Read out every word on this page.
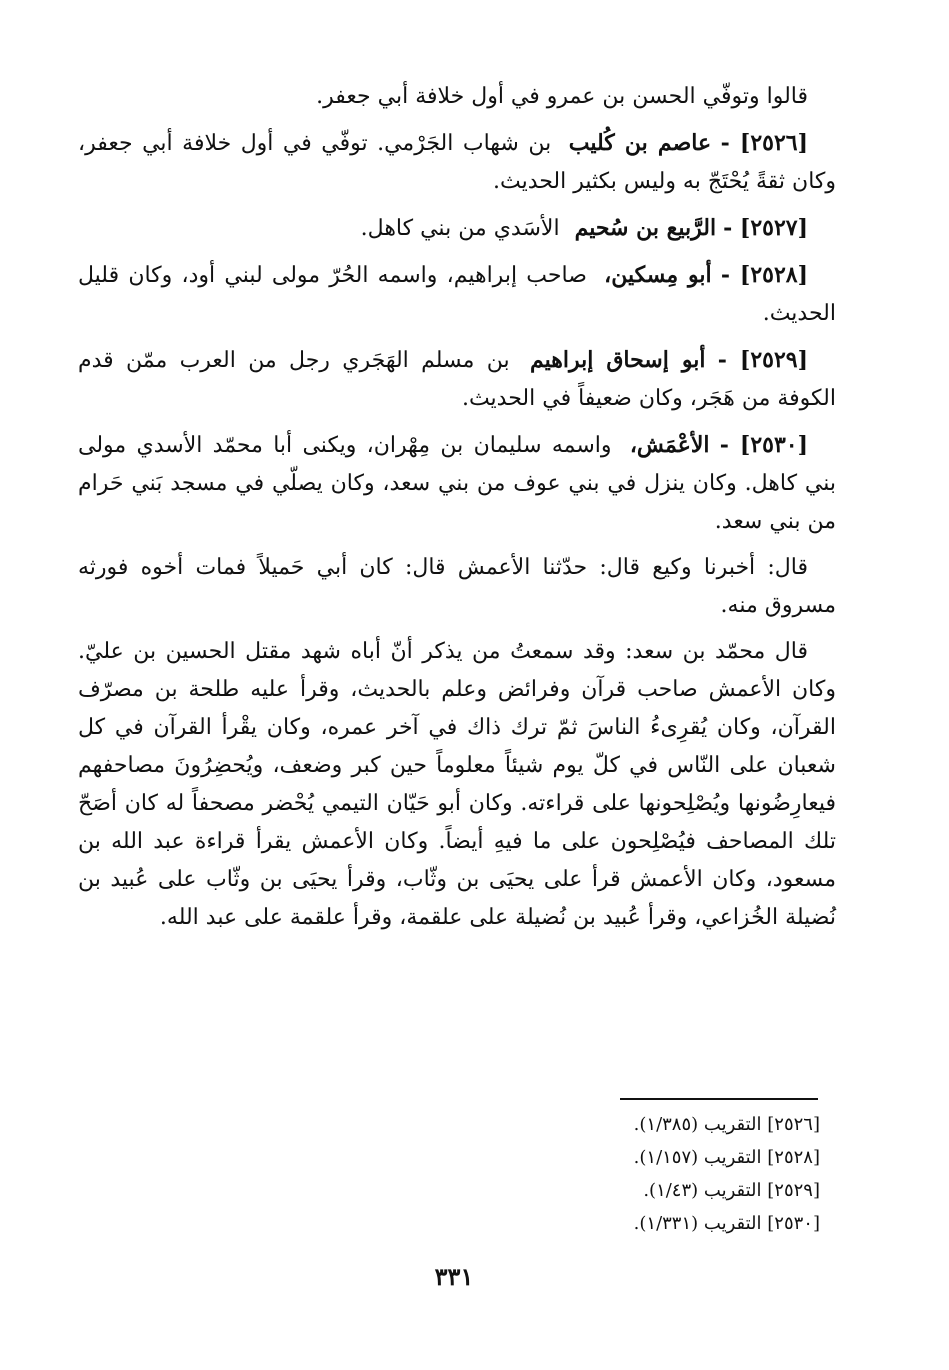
قالوا وتوفّي الحسن بن عمرو في أول خلافة أبي جعفر.

[٢٥٢٦] - عاصم بن كُليب بن شهاب الجَرْمي. توفّي في أول خلافة أبي جعفر، وكان ثقةً يُحْتَجّ به وليس بكثير الحديث.

[٢٥٢٧] - الرَّبيع بن سُحيم الأسَدي من بني كاهل.

[٢٥٢٨] - أبو مِسكين، صاحب إبراهيم، واسمه الحُرّ مولى لبني أود، وكان قليل الحديث.

[٢٥٢٩] - أبو إسحاق إبراهيم بن مسلم الهَجَري رجل من العرب ممّن قدم الكوفة من هَجَر، وكان ضعيفاً في الحديث.

[٢٥٣٠] - الأعْمَش، واسمه سليمان بن مِهْران، ويكنى أبا محمّد الأسدي مولى بني كاهل. وكان ينزل في بني عوف من بني سعد، وكان يصلّي في مسجد بَني حَرام من بني سعد.

قال: أخبرنا وكيع قال: حدّثنا الأعمش قال: كان أبي حَميلاً فمات أخوه فورثه مسروق منه.

قال محمّد بن سعد: وقد سمعتُ من يذكر أنّ أباه شهد مقتل الحسين بن عليّ. وكان الأعمش صاحب قرآن وفرائض وعلم بالحديث، وقرأ عليه طلحة بن مصرّف القرآن، وكان يُقرِىءُ الناسَ ثمّ ترك ذاك في آخر عمره، وكان يقْرأ القرآن في كل شعبان على النّاس في كلّ يوم شيئاً معلوماً حين كبر وضعف، ويُحضِرُونَ مصاحفهم فيعارِضُونها ويُصْلِحونها على قراءته. وكان أبو حَيّان التيمي يُحْضر مصحفاً له كان أصَحّ تلك المصاحف فيُصْلِحون على ما فيهِ أيضاً. وكان الأعمش يقرأ قراءة عبد الله بن مسعود، وكان الأعمش قرأ على يحيَى بن وثّاب، وقرأ يحيَى بن وثّاب على عُبيد بن نُضيلة الخُزاعي، وقرأ عُبيد بن نُضيلة على علقمة، وقرأ علقمة على عبد الله.

[٢٥٢٦] التقريب (١/٣٨٥).
[٢٥٢٨] التقريب (١/١٥٧).
[٢٥٢٩] التقريب (١/٤٣).
[٢٥٣٠] التقريب (١/٣٣١).
٣٣١
